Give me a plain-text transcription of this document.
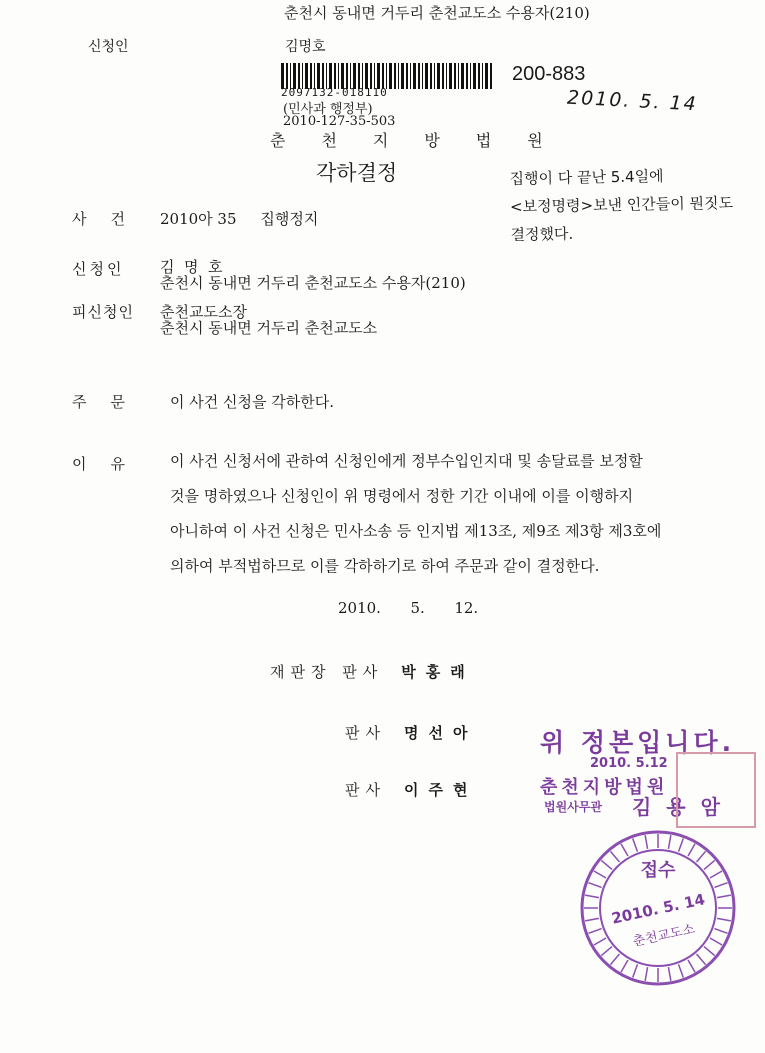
춘천시 동내면 거두리 춘천교도소 수용자(210)
신청인	김명호
2097132-018110
(민사과 행정부)
2010-127-35-503
200-883
2010. 5. 14
춘천지방법원
각하결정	집행이 다 끝난 5.4일에
<보정명령>보낸 인간들이 뭔짓도
결정했다.
사건 2010아 35     집행정지
신청인 김  명  호
춘천시 동내면 거두리 춘천교도소 수용자(210)
피신청인 춘천교도소장
춘천시 동내면 거두리 춘천교도소
주문 이 사건 신청을 각하한다.
이유 이 사건 신청서에 관하여 신청인에게 정부수입인지대 및 송달료를 보정할
것을 명하였으나 신청인이 위 명령에서 정한 기간 이내에 이를 이행하지
아니하여 이 사건 신청은 민사소송 등 인지법 제13조, 제9조 제3항 제3호에
의하여 부적법하므로 이를 각하하기로 하여 주문과 같이 결정한다.
2010.  5.  12.
재판장 판사 박홍래
판사 명선아
판사 이주현
위 정본입니다.
2010. 5.12
춘천지방법원
법원사무관 김 용 암
접수
2010. 5. 14
춘천교도소
